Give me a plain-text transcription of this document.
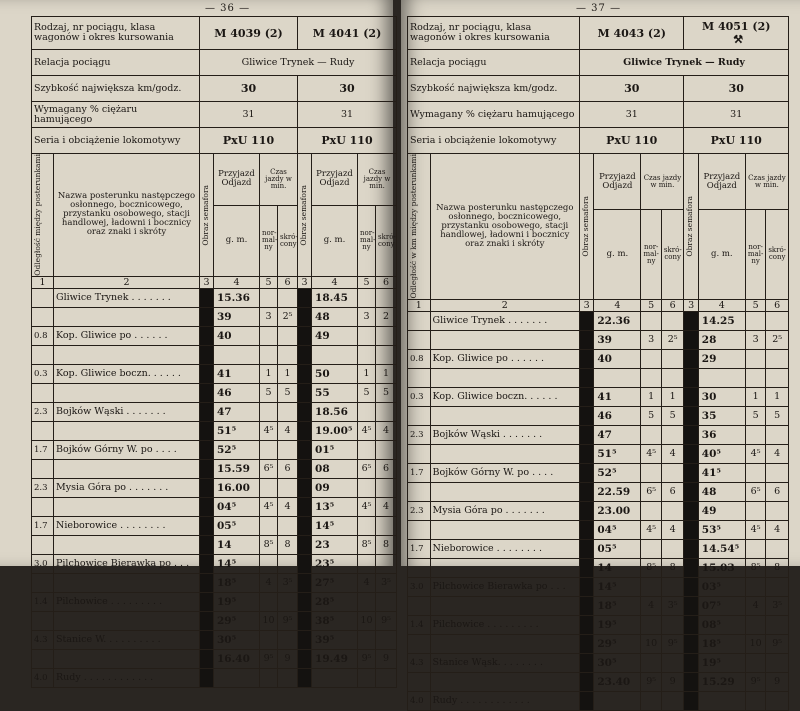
— 36 —
Rodzaj, nr pociągu, klasa wagonów i okres kursowania		M 4039 (2)				M 4041 (2)			
Relacja pociągu		Gliwice Trynek — Rudy							
Szybkość największa km/godz.		30				30			
Wymagany % ciężaru hamującego		31				31			
Seria i obciążenie lokomotywy		PxU 110				PxU 110			

Odległość między posterunkami	Nazwa posterunku następczego osłonnego, bocznicowego, przystanku osobowego, stacji handlowej, ładowni i bocznicy oraz znaki i skróty	Obraz semafora	Przyjazd Odjazd	Czas jazdy w min.		Obraz semafora	Przyjazd Odjazd	Czas jazdy w min.	
			g. m.	nor-mal-ny	skró-cony		g. m.	nor-mal-ny	skró-cony
1	2	3	4	5	6	3	4	5	6
	Gliwice Trynek . . . . . . .		15.36				18.45		
			39	3	2⁵		48	3	2
0.8	Kop. Gliwice po . . . . . .		40				49		

0.3	Kop. Gliwice boczn. . . . . .		41	1	1		50	1	1
			46	5	5		55	5	5
2.3	Bojków Wąski . . . . . . .		47				18.56		
			51⁵	4⁵	4		19.00⁵	4⁵	4
1.7	Bojków Górny W. po . . . .		52⁵				01⁵		
			15.59	6⁵	6		08	6⁵	6
2.3	Mysia Góra po . . . . . . .		16.00				09		
			04⁵	4⁵	4		13⁵	4⁵	4
1.7	Nieborowice . . . . . . . .		05⁵				14⁵		
			14	8⁵	8		23	8⁵	8
3.0	Pilchowice Bierawka po . . .		14⁵				23⁵		
			18⁵	4	3⁵		27⁵	4	3⁵
1.4	Pilchowice . . . . . . . . .		19⁵				28⁵		
			29⁵	10	9⁵		38⁵	10	9⁵
4.3	Stanice W. . . . . . . . . .		30⁵				39⁵		
			16.40	9⁵	9		19.49	9⁵	9
4.0	Rudy . . . . . . . . . . . .								
— 37 —
Rodzaj, nr pociągu, klasa wagonów i okres kursowania		M 4043 (2)				M 4051 (2)
⚒			
Relacja pociągu		Gliwice Trynek — Rudy							
Szybkość największa km/godz.		30				30			
Wymagany % ciężaru hamującego		31				31			
Seria i obciążenie lokomotywy		PxU 110				PxU 110			

Odległość w km między posterunkami	Nazwa posterunku następczego osłonnego, bocznicowego, przystanku osobowego, stacji handlowej, ładowni i bocznicy oraz znaki i skróty	Obraz semafora	Przyjazd Odjazd	Czas jazdy w min.		Obraz semafora	Przyjazd Odjazd	Czas jazdy w min.	
			g. m.	nor-mal-ny	skró-cony		g. m.	nor-mal-ny	skró-cony
1	2	3	4	5	6	3	4	5	6
	Gliwice Trynek . . . . . . .		22.36				14.25		
			39	3	2⁵		28	3	2⁵
0.8	Kop. Gliwice po . . . . . .		40				29		

0.3	Kop. Gliwice boczn. . . . . .		41	1	1		30	1	1
			46	5	5		35	5	5
2.3	Bojków Wąski . . . . . . .		47				36		
			51⁵	4⁵	4		40⁵	4⁵	4
1.7	Bojków Górny W. po . . . .		52⁵				41⁵		
			22.59	6⁵	6		48	6⁵	6
2.3	Mysia Góra po . . . . . . .		23.00				49		
			04⁵	4⁵	4		53⁵	4⁵	4
1.7	Nieborowice . . . . . . . .		05⁵				14.54⁵		
			14	8⁵	8		15.03	8⁵	8
3.0	Pilchowice Bierawka po . . .		14⁵				03⁵		
			18⁵	4	3⁵		07⁵	4	3⁵
1.4	Pilchowice . . . . . . . . .		19⁵				08⁵		
			29⁵	10	9⁵		18⁵	10	9⁵
4.3	Stanice Wąsk. . . . . . . .		30⁵				19⁵		
			23.40	9⁵	9		15.29	9⁵	9
4.0	Rudy . . . . . . . . . . . .								
